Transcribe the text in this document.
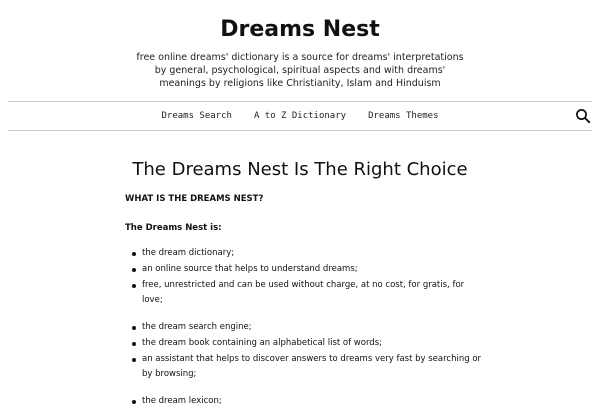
Dreams Nest

free online dreams' dictionary is a source for dreams' interpretations by general, psychological, spiritual aspects and with dreams' meanings by religions like Christianity, Islam and Hinduism

Dreams Search A to Z Dictionary Dreams Themes
The Dreams Nest Is The Right Choice

WHAT IS THE DREAMS NEST?

The Dreams Nest is:

the dream dictionary;
an online source that helps to understand dreams;
free, unrestricted and can be used without charge, at no cost, for gratis, for love;
the dream search engine;
the dream book containing an alphabetical list of words;
an assistant that helps to discover answers to dreams very fast by searching or by browsing;
the dream lexicon;
